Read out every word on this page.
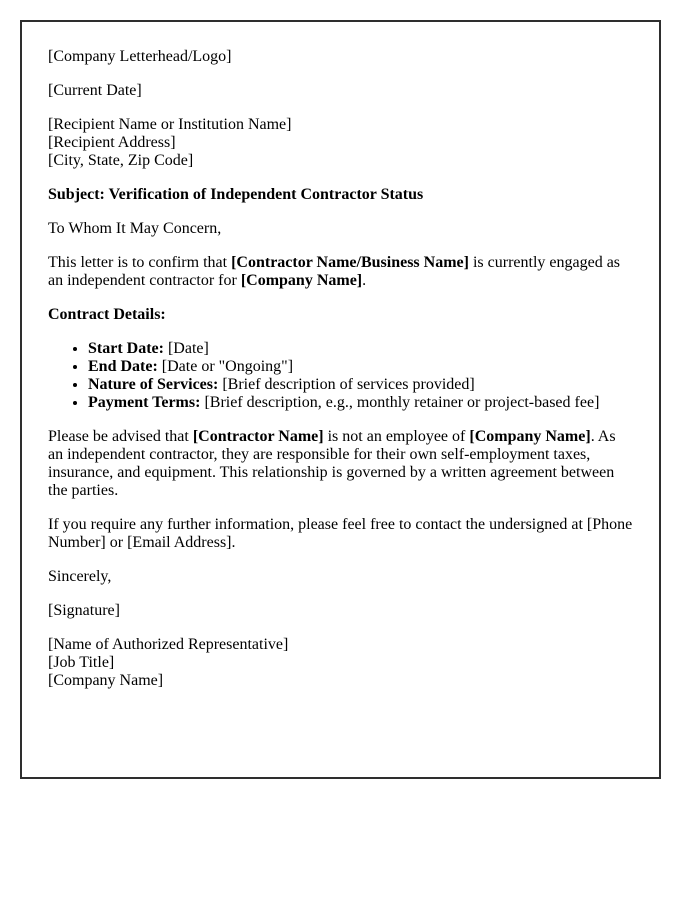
[Company Letterhead/Logo]

[Current Date]

[Recipient Name or Institution Name]
[Recipient Address]
[City, State, Zip Code]

Subject: Verification of Independent Contractor Status

To Whom It May Concern,

This letter is to confirm that [Contractor Name/Business Name] is currently engaged as an independent contractor for [Company Name].

Contract Details:

• Start Date: [Date]
• End Date: [Date or "Ongoing"]
• Nature of Services: [Brief description of services provided]
• Payment Terms: [Brief description, e.g., monthly retainer or project-based fee]

Please be advised that [Contractor Name] is not an employee of [Company Name]. As an independent contractor, they are responsible for their own self-employment taxes, insurance, and equipment. This relationship is governed by a written agreement between the parties.

If you require any further information, please feel free to contact the undersigned at [Phone Number] or [Email Address].

Sincerely,

[Signature]

[Name of Authorized Representative]
[Job Title]
[Company Name]
